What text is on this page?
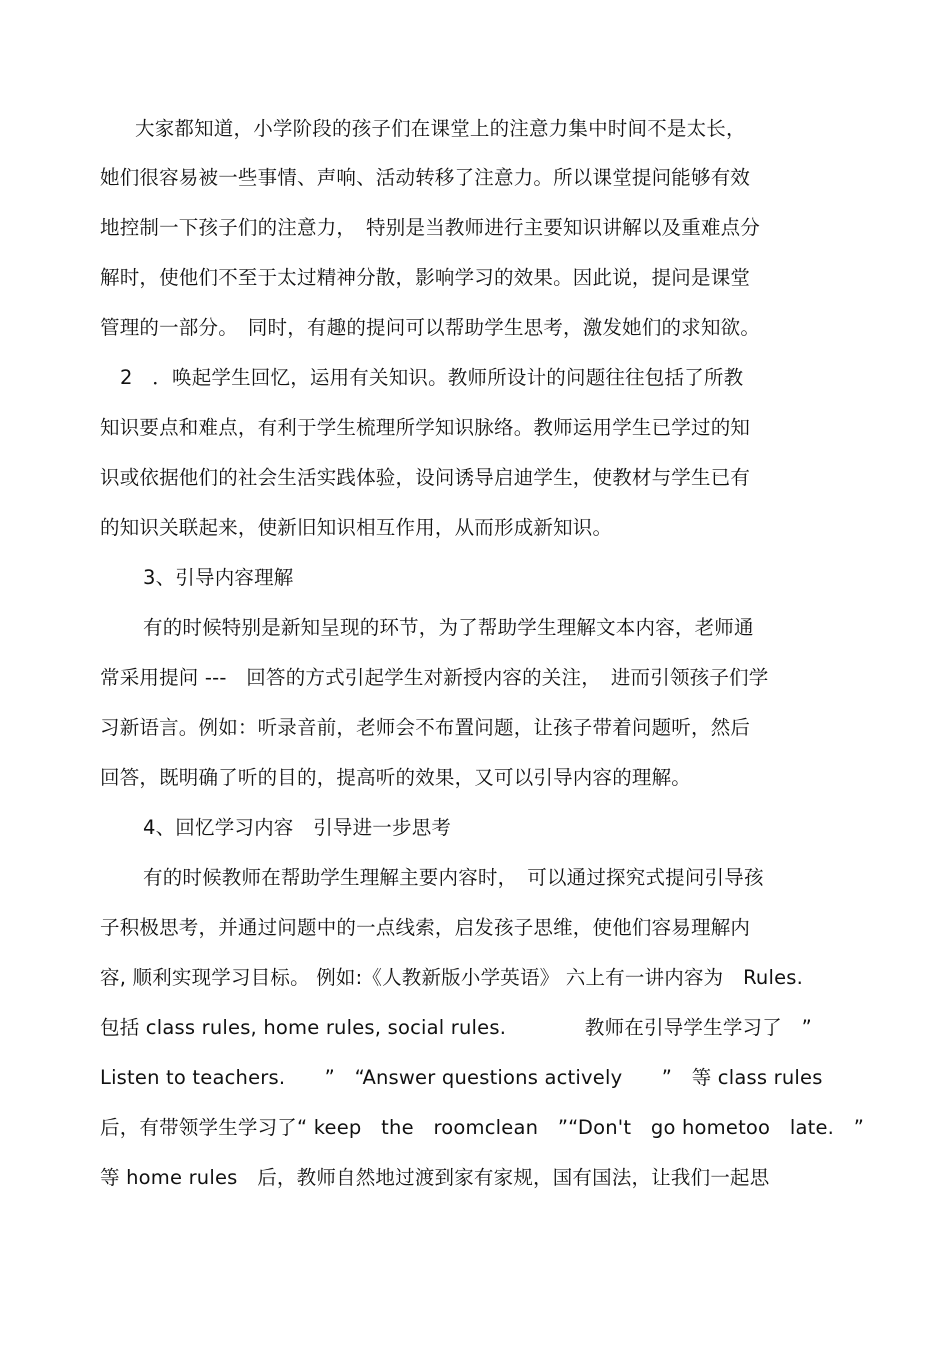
大家都知道，小学阶段的孩子们在课堂上的注意力集中时间不是太长，
她们很容易被一些事情、声响、活动转移了注意力。所以课堂提问能够有效
地控制一下孩子们的注意力，　特别是当教师进行主要知识讲解以及重难点分
解时，使他们不至于太过精神分散，影响学习的效果。因此说，提问是课堂
管理的一部分。　同时，有趣的提问可以帮助学生思考，激发她们的求知欲。
2　．唤起学生回忆，运用有关知识。教师所设计的问题往往包括了所教
知识要点和难点，有利于学生梳理所学知识脉络。教师运用学生已学过的知
识或依据他们的社会生活实践体验，设问诱导启迪学生，使教材与学生已有
的知识关联起来，使新旧知识相互作用，从而形成新知识。
3、引导内容理解
有的时候特别是新知呈现的环节，为了帮助学生理解文本内容，老师通
常采用提问 ---　回答的方式引起学生对新授内容的关注，　进而引领孩子们学
习新语言。例如：听录音前，老师会不布置问题，让孩子带着问题听，然后
回答，既明确了听的目的，提高听的效果，又可以引导内容的理解。
4、回忆学习内容　引导进一步思考
有的时候教师在帮助学生理解主要内容时，　可以通过探究式提问引导孩
子积极思考，并通过问题中的一点线索，启发孩子思维，使他们容易理解内
容, 顺利实现学习目标。 例如:《人教新版小学英语》 六上有一讲内容为　Rules.
包括 class rules, home rules, social rules.　　　　教师在引导学生学习了　”
Listen to teachers.　　”　“Answer questions actively　　”　等 class rules
后，有带领学生学习了“ keep　the　roomclean　”“Don't　go hometoo　late.　”
等 home rules　后，教师自然地过渡到家有家规，国有国法，让我们一起思
